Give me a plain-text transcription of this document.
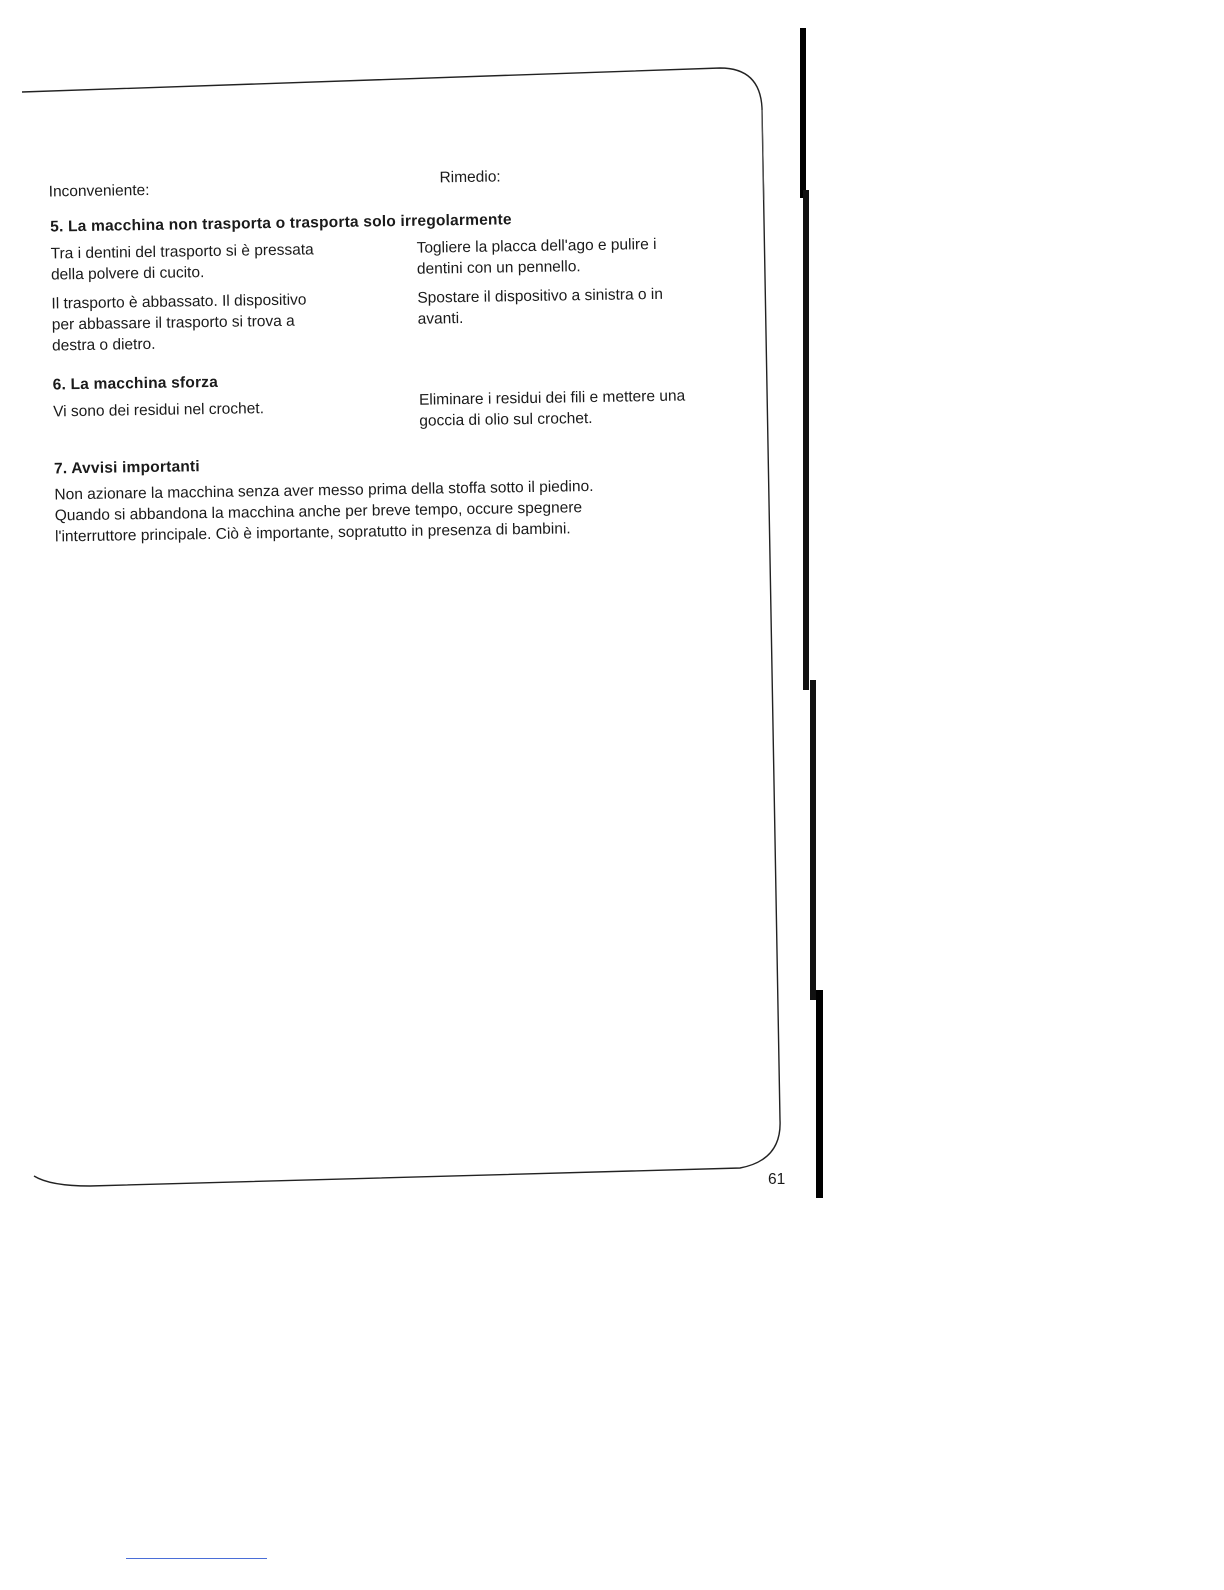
Inconveniente:

Rimedio:

5. La macchina non trasporta o trasporta solo irregolarmente

Tra i dentini del trasporto si è pressata

della polvere di cucito.

Togliere la placca dell'ago e pulire i

dentini con un pennello.

Il trasporto è abbassato. Il dispositivo

per abbassare il trasporto si trova a

destra o dietro.

Spostare il dispositivo a sinistra o in

avanti.

6. La macchina sforza

Vi sono dei residui nel crochet.

Eliminare i residui dei fili e mettere una

goccia di olio sul crochet.

7. Avvisi importanti

Non azionare la macchina senza aver messo prima della stoffa sotto il piedino.

Quando si abbandona la macchina anche per breve tempo, occure spegnere

l'interruttore principale. Ciò è importante, sopratutto in presenza di bambini.

61
